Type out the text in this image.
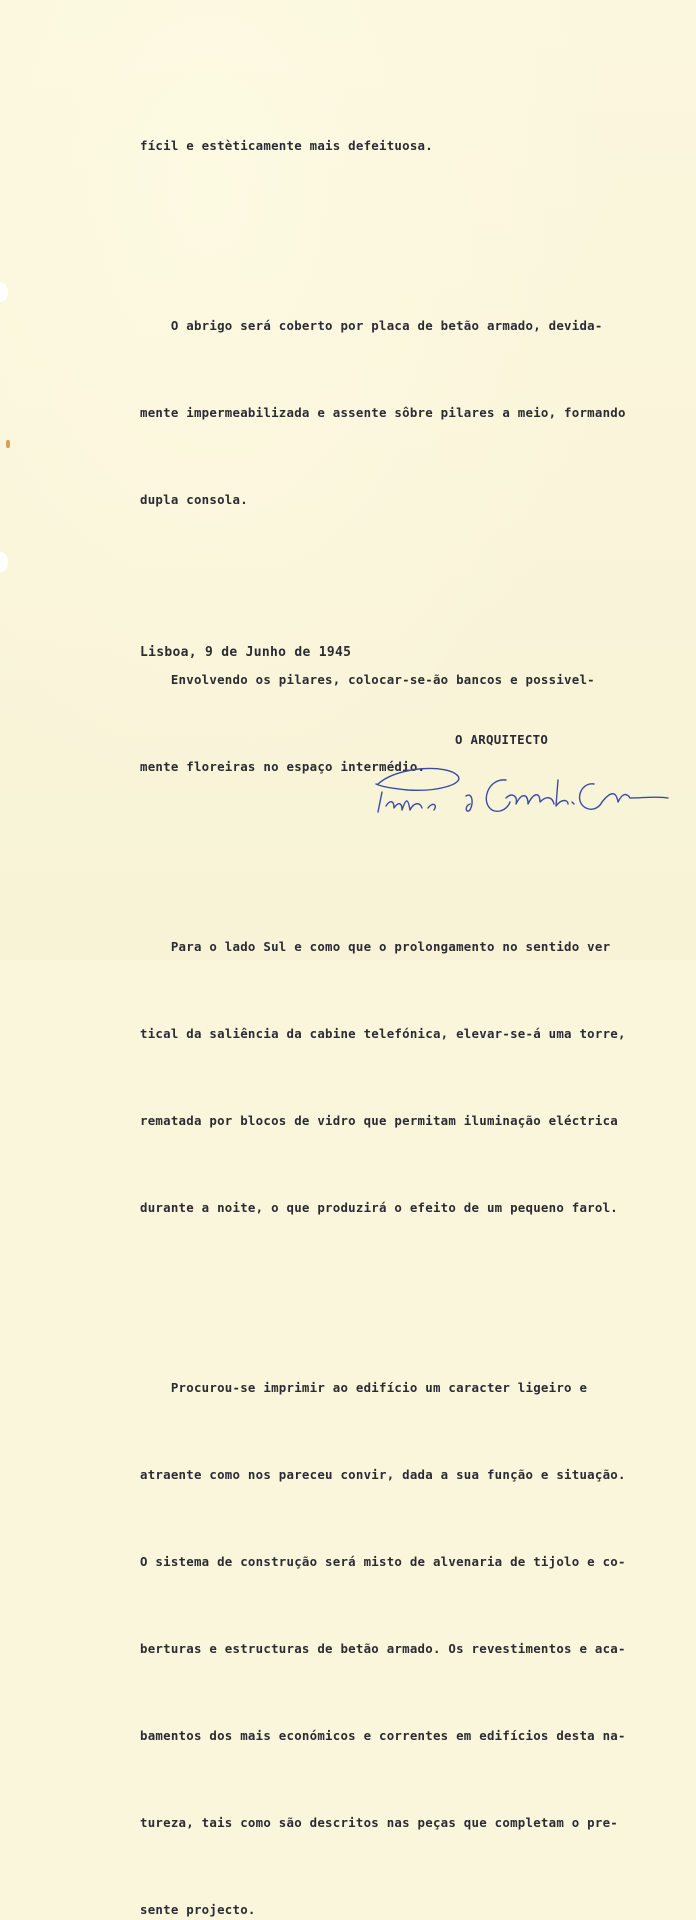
fícil e estèticamente mais defeituosa.

O abrigo será coberto por placa de betão armado, devida-

mente impermeabilizada e assente sôbre pilares a meio, formando

dupla consola.

Envolvendo os pilares, colocar-se-ão bancos e possivel-

mente floreiras no espaço intermédio.

Para o lado Sul e como que o prolongamento no sentido ver

tical da saliência da cabine telefónica, elevar-se-á uma torre,

rematada por blocos de vidro que permitam iluminação eléctrica

durante a noite, o que produzirá o efeito de um pequeno farol.

Procurou-se imprimir ao edifício um caracter ligeiro e

atraente como nos pareceu convir, dada a sua função e situação.

O sistema de construção será misto de alvenaria de tijolo e co-

berturas e estructuras de betão armado. Os revestimentos e aca-

bamentos dos mais económicos e correntes em edifícios desta na-

tureza, tais como são descritos nas peças que completam o pre-

sente projecto.

Lisboa, 9 de Junho de 1945
O ARQUITECTO
